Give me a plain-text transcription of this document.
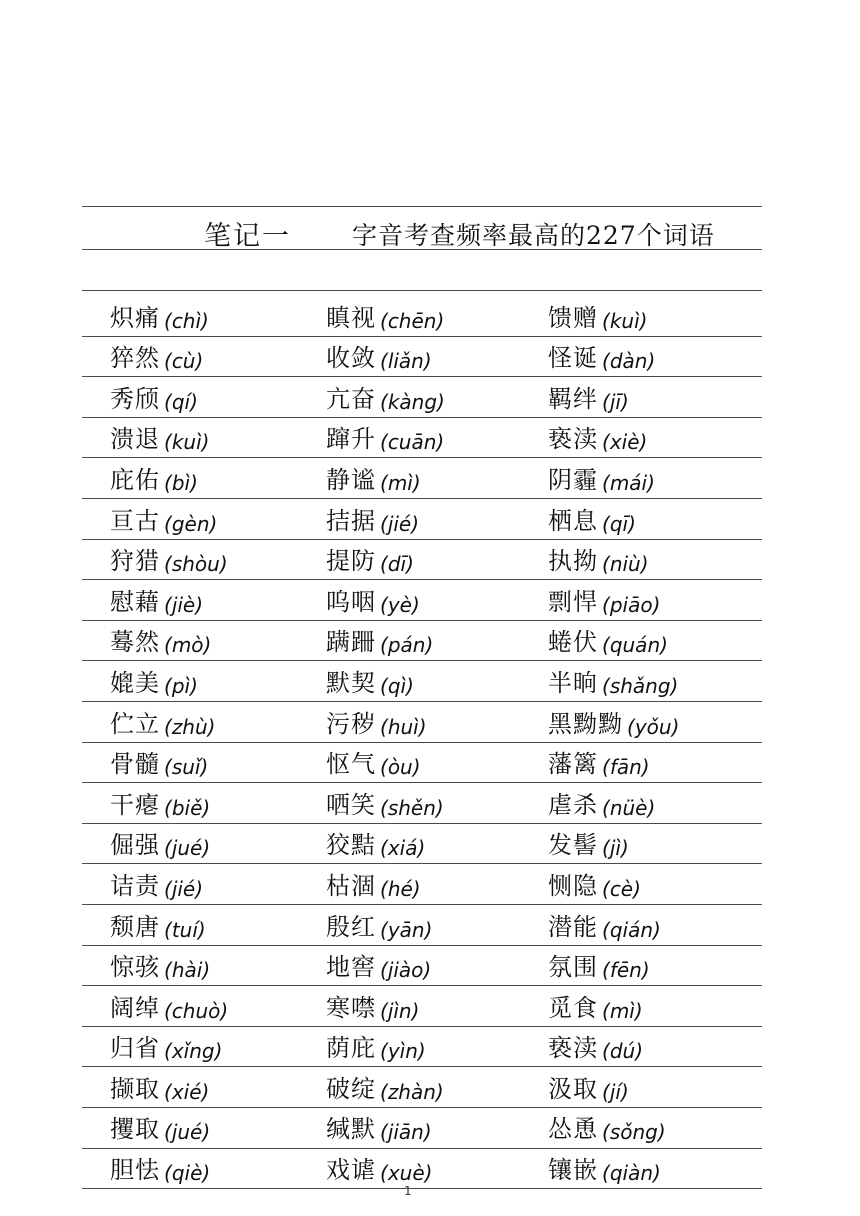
笔记一 字音考查频率最高的227个词语
炽痛 (chì)	瞋视 (chēn)	馈赠 (kuì)
猝然 (cù)	收敛 (liǎn)	怪诞 (dàn)
秀颀 (qí)	亢奋 (kàng)	羁绊 (jī)
溃退 (kuì)	蹿升 (cuān)	亵渎 (xiè)
庇佑 (bì)	静谧 (mì)	阴霾 (mái)
亘古 (gèn)	拮据 (jié)	栖息 (qī)
狩猎 (shòu)	提防 (dī)	执拗 (niù)
慰藉 (jiè)	呜咽 (yè)	剽悍 (piāo)
蓦然 (mò)	蹒跚 (pán)	蜷伏 (quán)
媲美 (pì)	默契 (qì)	半晌 (shǎng)
伫立 (zhù)	污秽 (huì)	黑黝黝 (yǒu)
骨髓 (suǐ)	怄气 (òu)	藩篱 (fān)
干瘪 (biě)	哂笑 (shěn)	虐杀 (nüè)
倔强 (jué)	狡黠 (xiá)	发髻 (jì)
诘责 (jié)	枯涸 (hé)	恻隐 (cè)
颓唐 (tuí)	殷红 (yān)	潜能 (qián)
惊骇 (hài)	地窖 (jiào)	氛围 (fēn)
阔绰 (chuò)	寒噤 (jìn)	觅食 (mì)
归省 (xǐng)	荫庇 (yìn)	亵渎 (dú)
撷取 (xié)	破绽 (zhàn)	汲取 (jí)
攫取 (jué)	缄默 (jiān)	怂恿 (sǒng)
胆怯 (qiè)	戏谑 (xuè)	镶嵌 (qiàn)
1
